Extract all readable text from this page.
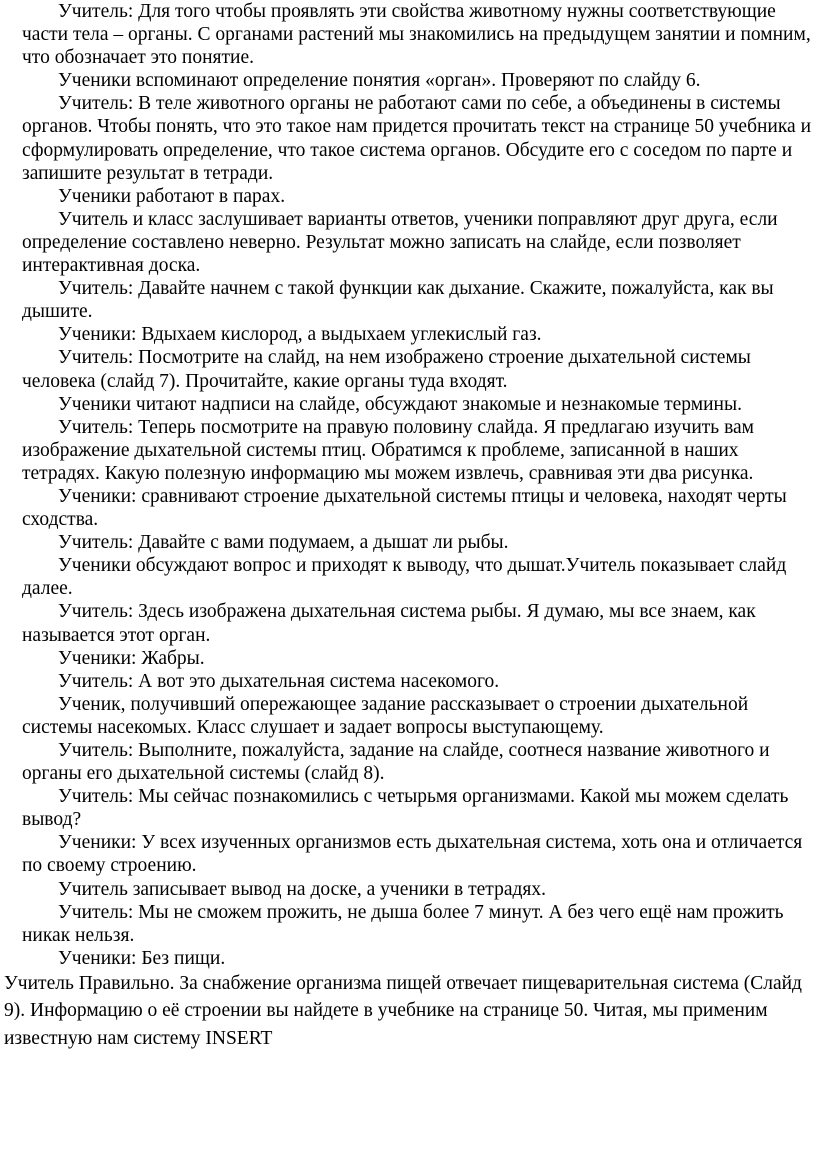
Учитель: Для того чтобы проявлять эти свойства животному нужны соответствующие части тела – органы. С органами растений мы знакомились на предыдущем занятии и помним, что обозначает это понятие.

Ученики вспоминают определение понятия «орган». Проверяют по слайду 6.

Учитель: В теле животного органы не работают сами по себе, а объединены в системы органов. Чтобы понять, что это такое нам придется прочитать текст на странице 50 учебника и сформулировать определение, что такое система органов. Обсудите его с соседом по парте и запишите результат в тетради.

Ученики работают в парах.

Учитель и класс заслушивает варианты ответов, ученики поправляют друг друга, если определение составлено неверно. Результат можно записать на слайде, если позволяет интерактивная доска.

Учитель: Давайте начнем с такой функции как дыхание. Скажите, пожалуйста, как вы дышите.

Ученики: Вдыхаем кислород, а выдыхаем углекислый газ.

Учитель: Посмотрите на слайд, на нем изображено строение дыхательной системы человека (слайд 7). Прочитайте, какие органы туда входят.

Ученики читают надписи на слайде, обсуждают знакомые и незнакомые термины.

Учитель: Теперь посмотрите на правую половину слайда. Я предлагаю изучить вам изображение дыхательной системы птиц. Обратимся к проблеме, записанной в наших тетрадях. Какую полезную информацию мы можем извлечь, сравнивая эти два рисунка.

Ученики: сравнивают строение дыхательной системы птицы и человека, находят черты сходства.

Учитель: Давайте с вами подумаем, а дышат ли рыбы.

Ученики обсуждают вопрос и приходят к выводу, что дышат.Учитель показывает слайд далее.

Учитель: Здесь изображена дыхательная система рыбы. Я думаю, мы все знаем, как называется этот орган.

Ученики: Жабры.

Учитель: А вот это дыхательная система насекомого.

Ученик, получивший опережающее задание рассказывает о строении дыхательной системы насекомых. Класс слушает и задает вопросы выступающему.

Учитель: Выполните, пожалуйста, задание на слайде, соотнеся название животного и органы его дыхательной системы (слайд 8).

Учитель: Мы сейчас познакомились с четырьмя организмами. Какой мы можем сделать вывод?

Ученики: У всех изученных организмов есть дыхательная система, хоть она и отличается по своему строению.

Учитель записывает вывод на доске, а ученики в тетрадях.

Учитель: Мы не сможем прожить, не дыша более 7 минут. А без чего ещё нам прожить никак нельзя.

Ученики: Без пищи.

Учитель Правильно. За снабжение организма пищей отвечает пищеварительная система (Слайд 9). Информацию о её строении вы найдете в учебнике на странице 50. Читая, мы применим известную нам систему INSERT
